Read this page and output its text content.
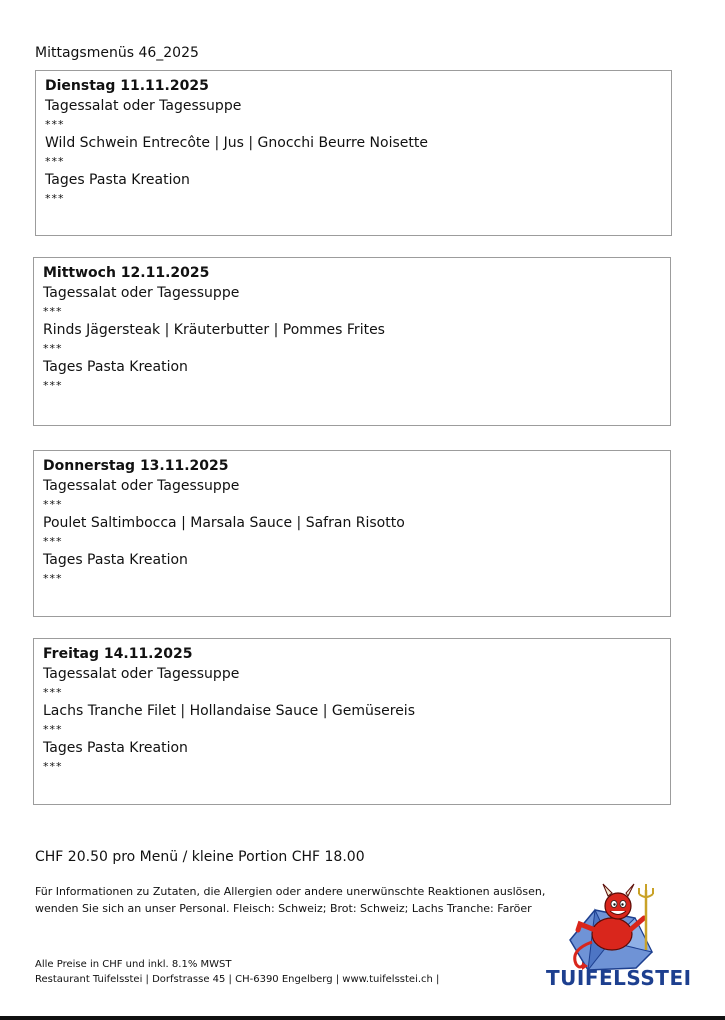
Mittagsmenüs 46_2025
Dienstag 11.11.2025
Tagessalat oder Tagessuppe
***
Wild Schwein Entrecôte | Jus | Gnocchi Beurre Noisette
***
Tages Pasta Kreation
***
Mittwoch 12.11.2025
Tagessalat oder Tagessuppe
***
Rinds Jägersteak | Kräuterbutter | Pommes Frites
***
Tages Pasta Kreation
***
Donnerstag 13.11.2025
Tagessalat oder Tagessuppe
***
Poulet Saltimbocca | Marsala Sauce | Safran Risotto
***
Tages Pasta Kreation
***
Freitag 14.11.2025
Tagessalat oder Tagessuppe
***
Lachs Tranche Filet | Hollandaise Sauce | Gemüsereis
***
Tages Pasta Kreation
***
CHF 20.50 pro Menü / kleine Portion CHF 18.00
Für Informationen zu Zutaten, die Allergien oder andere unerwünschte Reaktionen auslösen,
wenden Sie sich an unser Personal. Fleisch: Schweiz; Brot: Schweiz; Lachs Tranche: Faröer
Alle Preise in CHF und inkl. 8.1% MWST
Restaurant Tuifelsstei | Dorfstrasse 45 | CH-6390 Engelberg | www.tuifelsstei.ch |	TUIFELSSTEI
